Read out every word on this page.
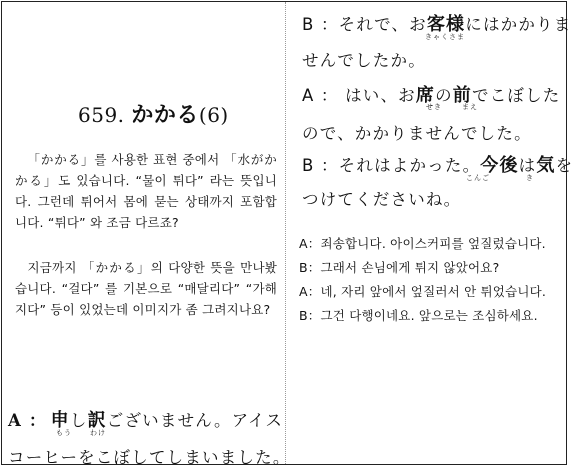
659. かかる(6)

「かかる」를 사용한 표현 중에서 「水がかかる」도 있습니다. “물이 튀다” 라는 뜻입니다. 그런데 튀어서 몸에 묻는 상태까지 포함합니다. “튀다” 와 조금 다르죠?

지금까지 「かかる」의 다양한 뜻을 만나봤습니다. “걸다” 를 기본으로 “매달리다” “가해지다” 등이 있었는데 이미지가 좀 그려지나요?

A ： 申し訳ございません。アイス
もう	わけ
コーヒーをこぼしてしまいました。
B ：それで、お客様にはかかりま
きゃくさま
せんでしたか。
A ： はい、お席の前でこぼした
せき	まえ
ので、かかりませんでした。
B ：それはよかった。今後は気を
こんご	き
つけてくださいね。

A：죄송합니다. 아이스커피를 엎질렀습니다.

B：그래서 손님에게 튀지 않았어요?

A：네, 자리 앞에서 엎질러서 안 튀었습니다.

B：그건 다행이네요. 앞으로는 조심하세요.
